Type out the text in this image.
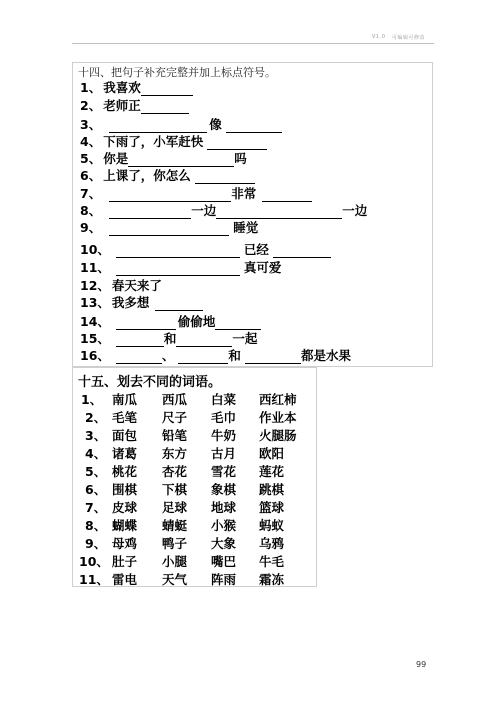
V1.0 可编辑可修改
十四、把句子补充完整并加上标点符号。
1、 我喜欢
2、 老师正
3、	像
4、 下雨了，小军赶快
5、 你是	吗
6、 上课了，你怎么
7、	非常
8、	一边	一边
9、	睡觉
10、	已经
11、	真可爱
12、 春天来了
13、 我多想
14、	偷偷地
15、	和	一起
16、	、	和	都是水果
十五、划去不同的词语。
1、 南瓜 西瓜 白菜 西红柿
2、 毛笔 尺子 毛巾 作业本
3、 面包 铅笔 牛奶 火腿肠
4、 诸葛 东方 古月 欧阳
5、 桃花 杏花 雪花 莲花
6、 围棋 下棋 象棋 跳棋
7、 皮球 足球 地球 篮球
8、 蝴蝶 蜻蜓 小猴 蚂蚁
9、 母鸡 鸭子 大象 乌鸦
10、 肚子 小腿 嘴巴 牛毛
11、 雷电 天气 阵雨 霜冻
99
